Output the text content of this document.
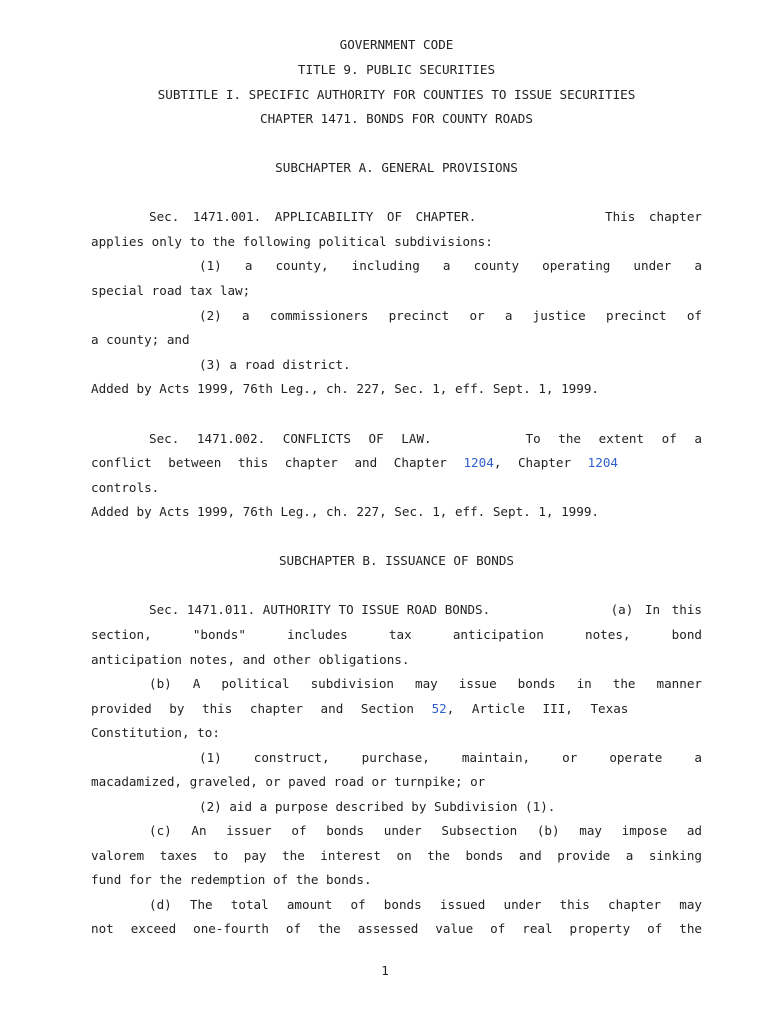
GOVERNMENT CODE
TITLE 9. PUBLIC SECURITIES
SUBTITLE I. SPECIFIC AUTHORITY FOR COUNTIES TO ISSUE SECURITIES
CHAPTER 1471. BONDS FOR COUNTY ROADS
SUBCHAPTER A. GENERAL PROVISIONS
Sec. 1471.001. APPLICABILITY OF CHAPTER.	This chapter
applies only to the following political subdivisions:
(1) a county, including a county operating under a
special road tax law;
(2) a commissioners precinct or a justice precinct of
a county; and
(3) a road district.
Added by Acts 1999, 76th Leg., ch. 227, Sec. 1, eff. Sept. 1, 1999.
Sec. 1471.002. CONFLICTS OF LAW.	To the extent of a
conflict between this chapter and Chapter 1204, Chapter 1204
controls.
Added by Acts 1999, 76th Leg., ch. 227, Sec. 1, eff. Sept. 1, 1999.
SUBCHAPTER B. ISSUANCE OF BONDS
Sec. 1471.011. AUTHORITY TO ISSUE ROAD BONDS.	(a) In this
section, "bonds" includes tax anticipation notes, bond
anticipation notes, and other obligations.
(b) A political subdivision may issue bonds in the manner
provided by this chapter and Section 52, Article III, Texas
Constitution, to:
(1) construct, purchase, maintain, or operate a
macadamized, graveled, or paved road or turnpike; or
(2) aid a purpose described by Subdivision (1).
(c) An issuer of bonds under Subsection (b) may impose ad
valorem taxes to pay the interest on the bonds and provide a sinking
fund for the redemption of the bonds.
(d) The total amount of bonds issued under this chapter may
not exceed one-fourth of the assessed value of real property of the
1
